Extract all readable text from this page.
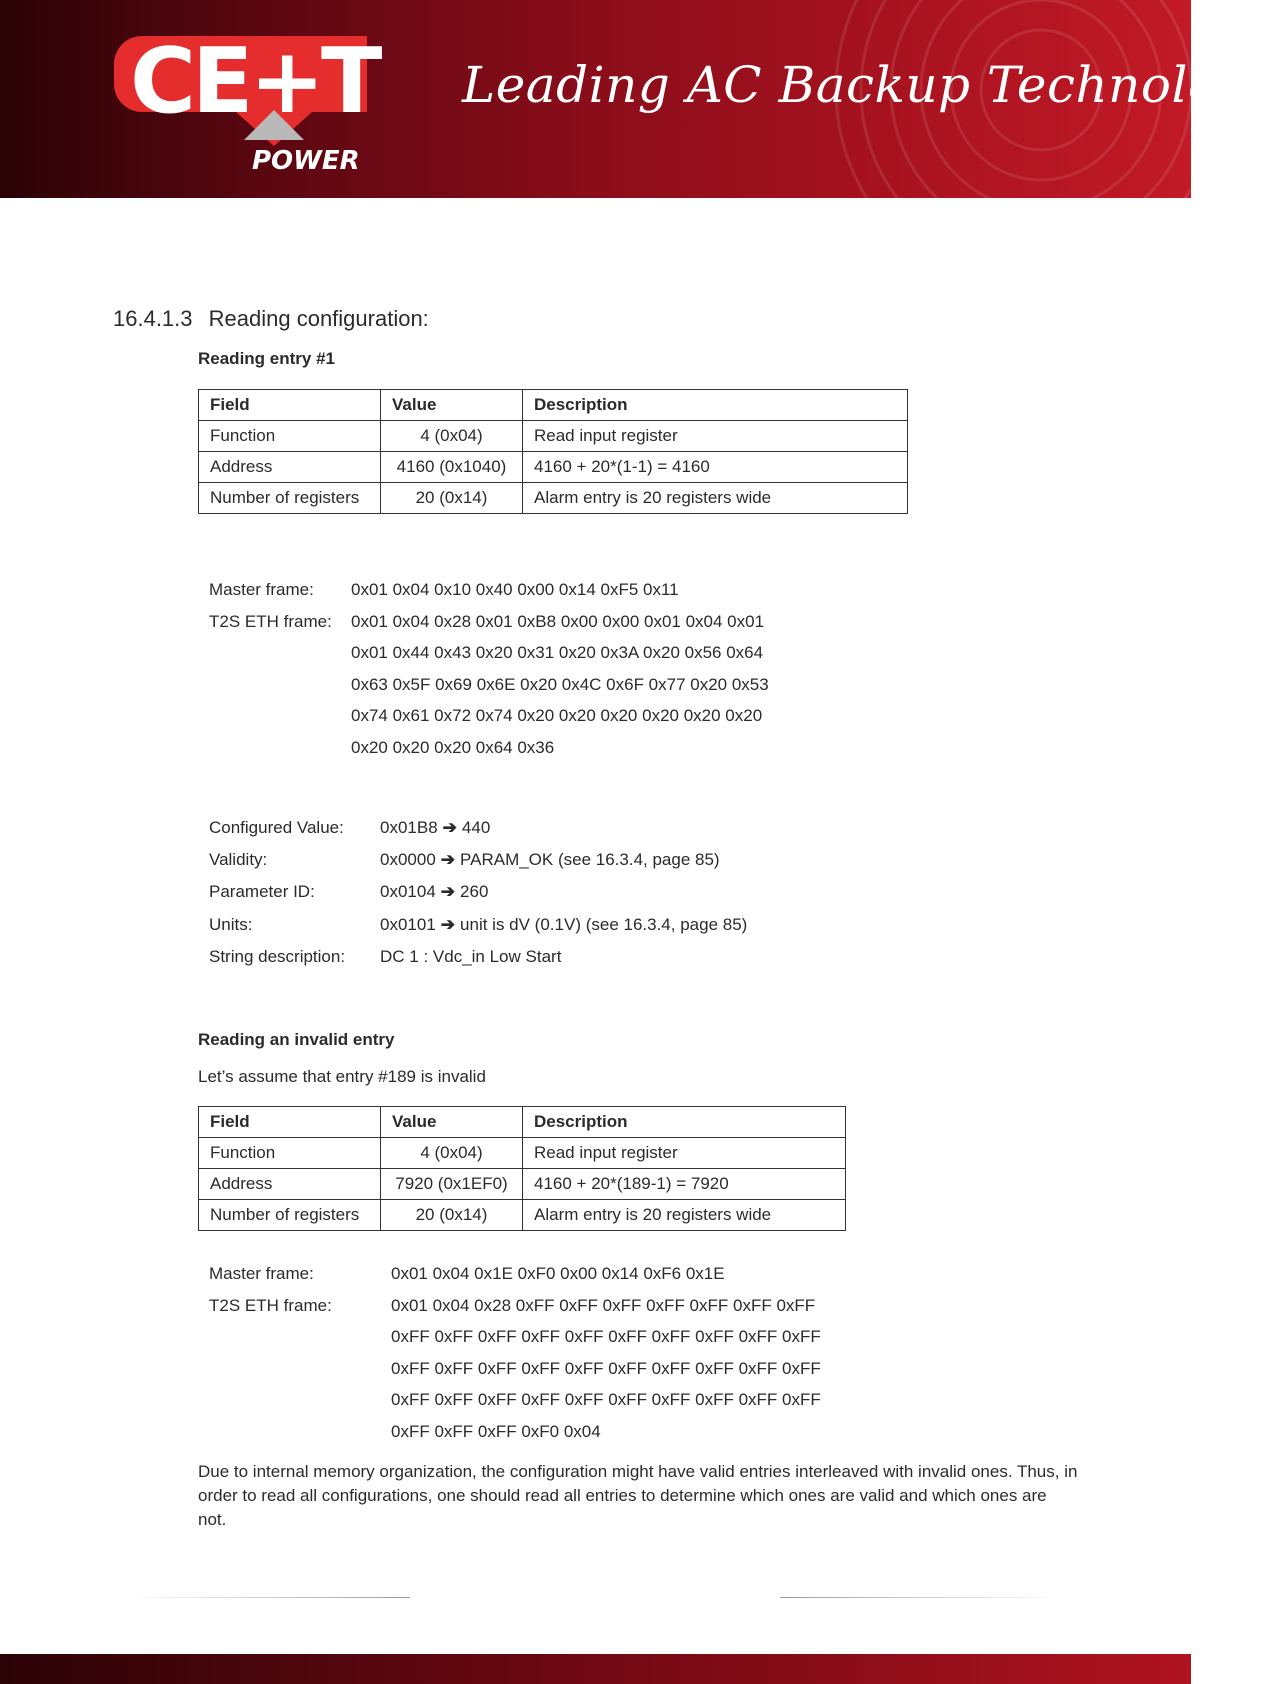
CE+T
POWER
Leading AC Backup Technology
16.4.1.3 Reading configuration:
Reading entry #1
Field	Value	Description
Function	4 (0x04)	Read input register
Address	4160 (0x1040)	4160 + 20*(1-1) = 4160
Number of registers	20 (0x14)	Alarm entry is 20 registers wide
Master frame:	0x01 0x04 0x10 0x40 0x00 0x14 0xF5 0x11
T2S ETH frame:	0x01 0x04 0x28 0x01 0xB8 0x00 0x00 0x01 0x04 0x01
0x01 0x44 0x43 0x20 0x31 0x20 0x3A 0x20 0x56 0x64
0x63 0x5F 0x69 0x6E 0x20 0x4C 0x6F 0x77 0x20 0x53
0x74 0x61 0x72 0x74 0x20 0x20 0x20 0x20 0x20 0x20
0x20 0x20 0x20 0x64 0x36
Configured Value:	0x01B8 ➔ 440
Validity:	0x0000 ➔ PARAM_OK (see 16.3.4, page 85)
Parameter ID:	0x0104 ➔ 260
Units:	0x0101 ➔ unit is dV (0.1V) (see 16.3.4, page 85)
String description:	DC 1 : Vdc_in Low Start
Reading an invalid entry
Let’s assume that entry #189 is invalid
Field	Value	Description
Function	4 (0x04)	Read input register
Address	7920 (0x1EF0)	4160 + 20*(189-1) = 7920
Number of registers	20 (0x14)	Alarm entry is 20 registers wide
Master frame:	0x01 0x04 0x1E 0xF0 0x00 0x14 0xF6 0x1E
T2S ETH frame:	0x01 0x04 0x28 0xFF 0xFF 0xFF 0xFF 0xFF 0xFF 0xFF
0xFF 0xFF 0xFF 0xFF 0xFF 0xFF 0xFF 0xFF 0xFF 0xFF
0xFF 0xFF 0xFF 0xFF 0xFF 0xFF 0xFF 0xFF 0xFF 0xFF
0xFF 0xFF 0xFF 0xFF 0xFF 0xFF 0xFF 0xFF 0xFF 0xFF
0xFF 0xFF 0xFF 0xF0 0x04
Due to internal memory organization, the configuration might have valid entries interleaved with invalid ones. Thus, in order to read all configurations, one should read all entries to determine which ones are valid and which ones are not.
